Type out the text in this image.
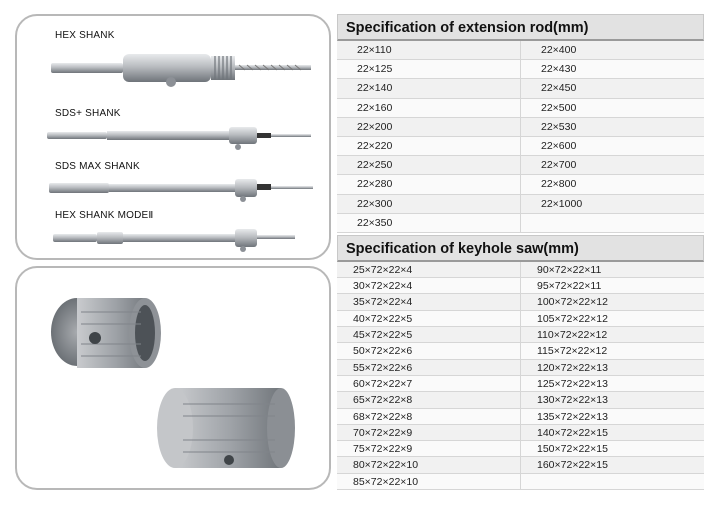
HEX SHANK
SDS+ SHANK
SDS MAX SHANK
HEX SHANK MODEⅡ
Specification of extension rod(mm)
22×110	22×400
22×125	22×430
22×140	22×450
22×160	22×500
22×200	22×530
22×220	22×600
22×250	22×700
22×280	22×800
22×300	22×1000
22×350
Specification of keyhole saw(mm)
25×72×22×4	90×72×22×11
30×72×22×4	95×72×22×11
35×72×22×4	100×72×22×12
40×72×22×5	105×72×22×12
45×72×22×5	110×72×22×12
50×72×22×6	115×72×22×12
55×72×22×6	120×72×22×13
60×72×22×7	125×72×22×13
65×72×22×8	130×72×22×13
68×72×22×8	135×72×22×13
70×72×22×9	140×72×22×15
75×72×22×9	150×72×22×15
80×72×22×10	160×72×22×15
85×72×22×10
